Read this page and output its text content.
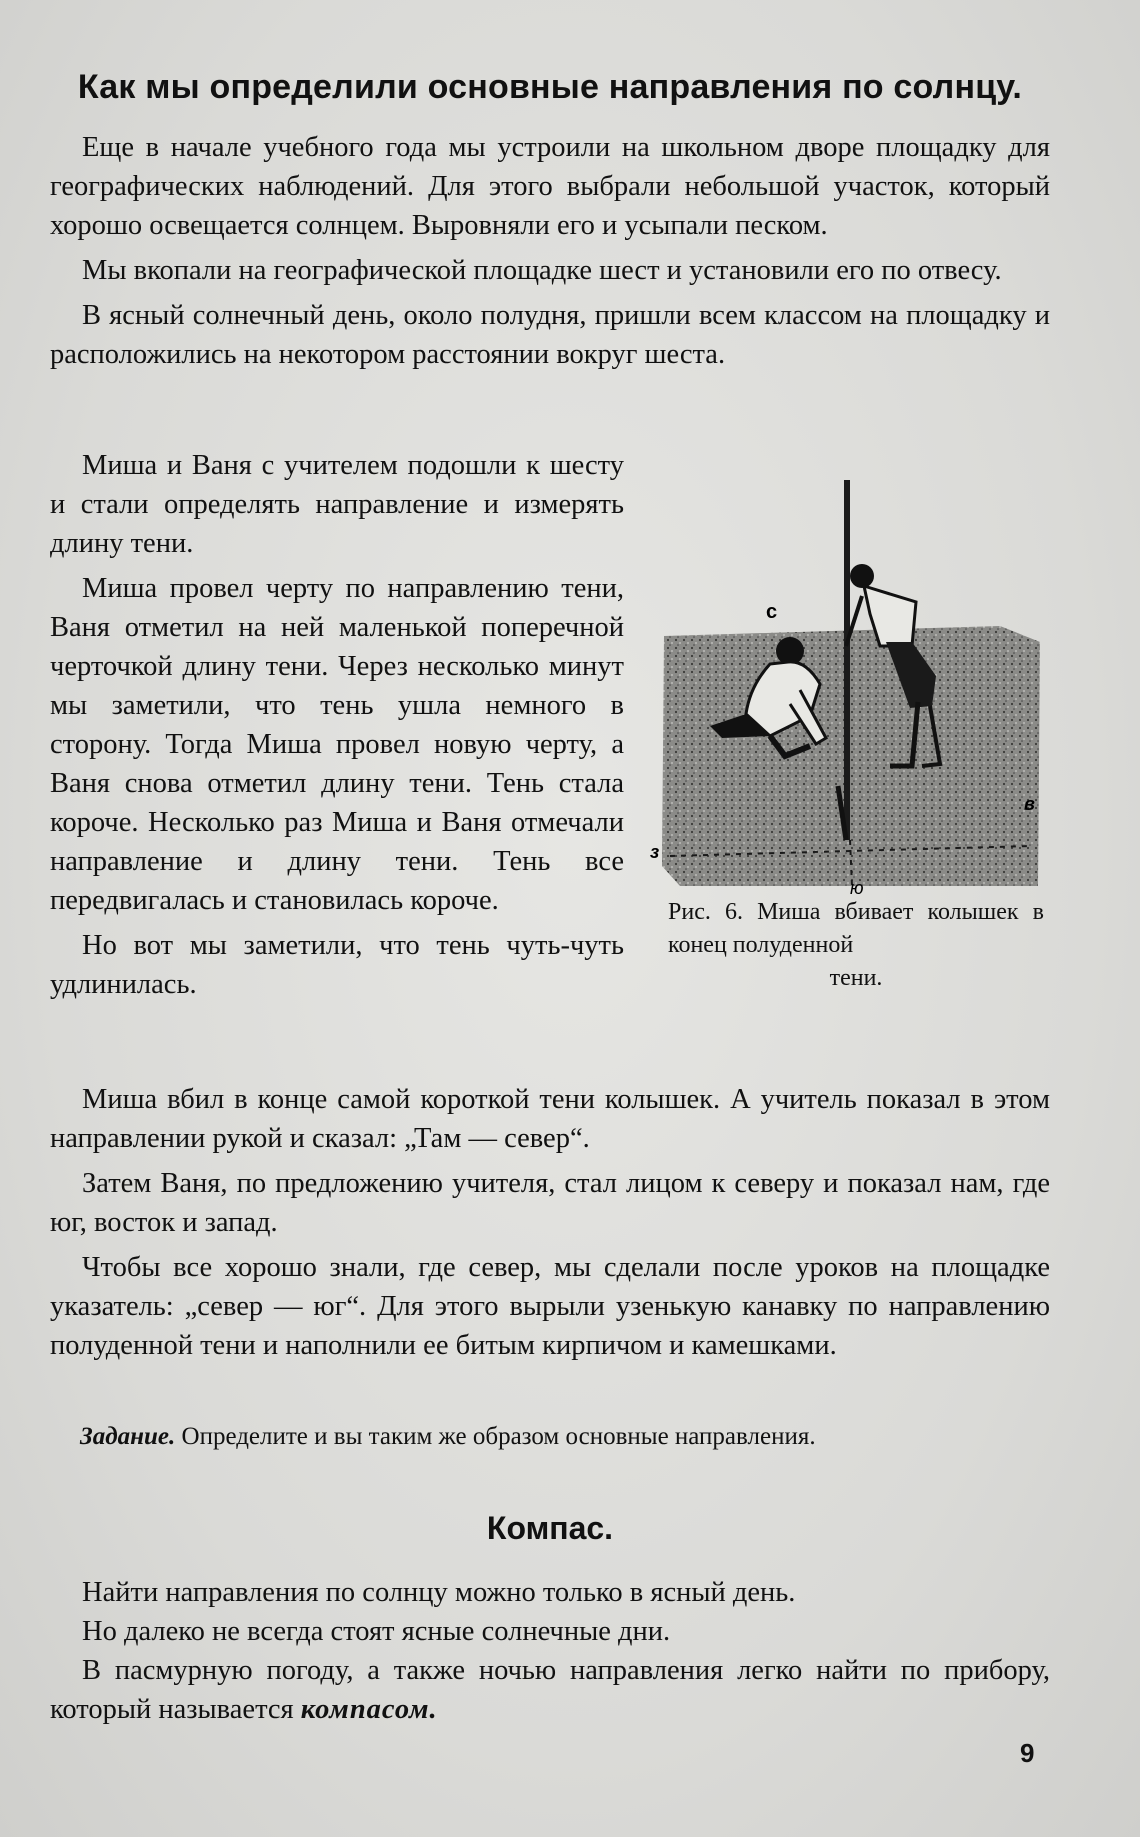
Как мы определили основные направления по солнцу.

Еще в начале учебного года мы устроили на школьном дворе площадку для географических наблюдений. Для этого выбрали небольшой участок, который хорошо освещается солнцем. Выровняли его и усыпали песком.

Мы вкопали на географической площадке шест и установили его по отвесу.

В ясный солнечный день, около полудня, пришли всем классом на площадку и расположились на некотором расстоянии вокруг шеста.

с
в
з
ю

Рис. 6. Миша вбивает колышек в конец полуденной
тени.

Миша и Ваня с учителем подошли к шесту и стали определять направление и измерять длину тени.

Миша провел черту по направлению тени, Ваня отметил на ней маленькой поперечной черточкой длину тени. Через несколько минут мы заметили, что тень ушла немного в сторону. Тогда Миша провел новую черту, а Ваня снова отметил длину тени. Тень стала короче. Несколько раз Миша и Ваня отмечали направление и длину тени. Тень все передвигалась и становилась короче.

Но вот мы заметили, что тень чуть-чуть удлинилась.

Миша вбил в конце самой короткой тени колышек. А учитель показал в этом направлении рукой и сказал: „Там — север“.

Затем Ваня, по предложению учителя, стал лицом к северу и показал нам, где юг, восток и запад.

Чтобы все хорошо знали, где север, мы сделали после уроков на площадке указатель: „север — юг“. Для этого вырыли узенькую канавку по направлению полуденной тени и наполнили ее битым кирпичом и камешками.

Задание. Определите и вы таким же образом основные направления.

Компас.

Найти направления по солнцу можно только в ясный день.

Но далеко не всегда стоят ясные солнечные дни.

В пасмурную погоду, а также ночью направления легко найти по прибору, который называется компасом.

9
